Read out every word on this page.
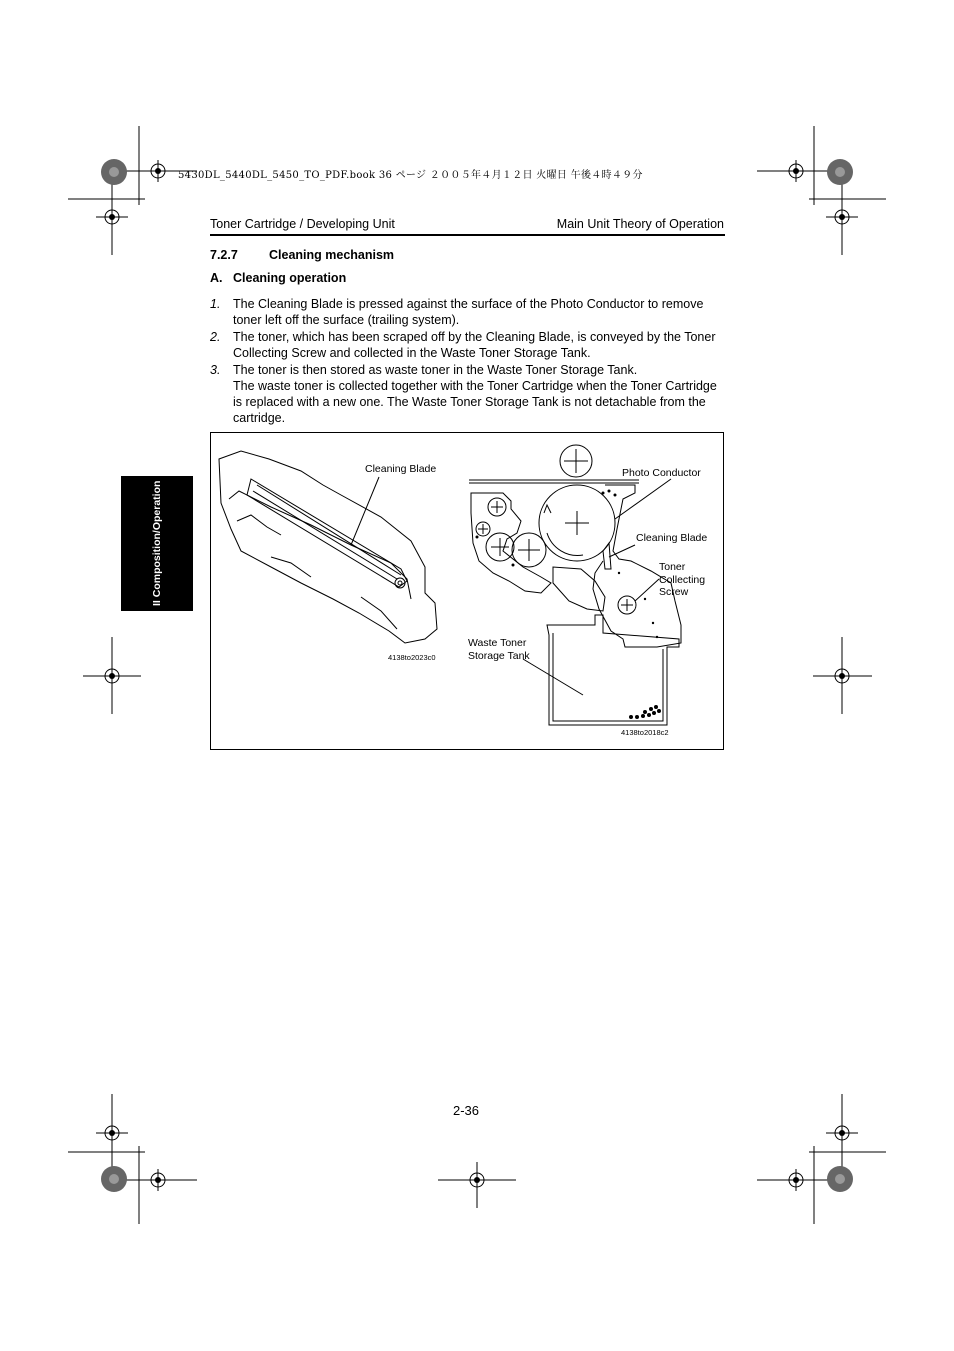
5430DL_5440DL_5450_TO_PDF.book 36 ページ ２００５年４月１２日 火曜日 午後４時４９分
Toner Cartridge / Developing Unit	Main Unit Theory of Operation
7.2.7 Cleaning mechanism
A. Cleaning operation
1. The Cleaning Blade is pressed against the surface of the Photo Conductor to remove toner left off the surface (trailing system).
2. The toner, which has been scraped off by the Cleaning Blade, is conveyed by the Toner Collecting Screw and collected in the Waste Toner Storage Tank.
3. The toner is then stored as waste toner in the Waste Toner Storage Tank.
The waste toner is collected together with the Toner Cartridge when the Toner Cartridge is replaced with a new one. The Waste Toner Storage Tank is not detachable from the cartridge.
Cleaning Blade
4138to2023c0
Photo Conductor
Cleaning Blade
Toner
Collecting
Screw
Waste Toner
Storage Tank
4138to2018c2
II Composition/Operation
2-36
